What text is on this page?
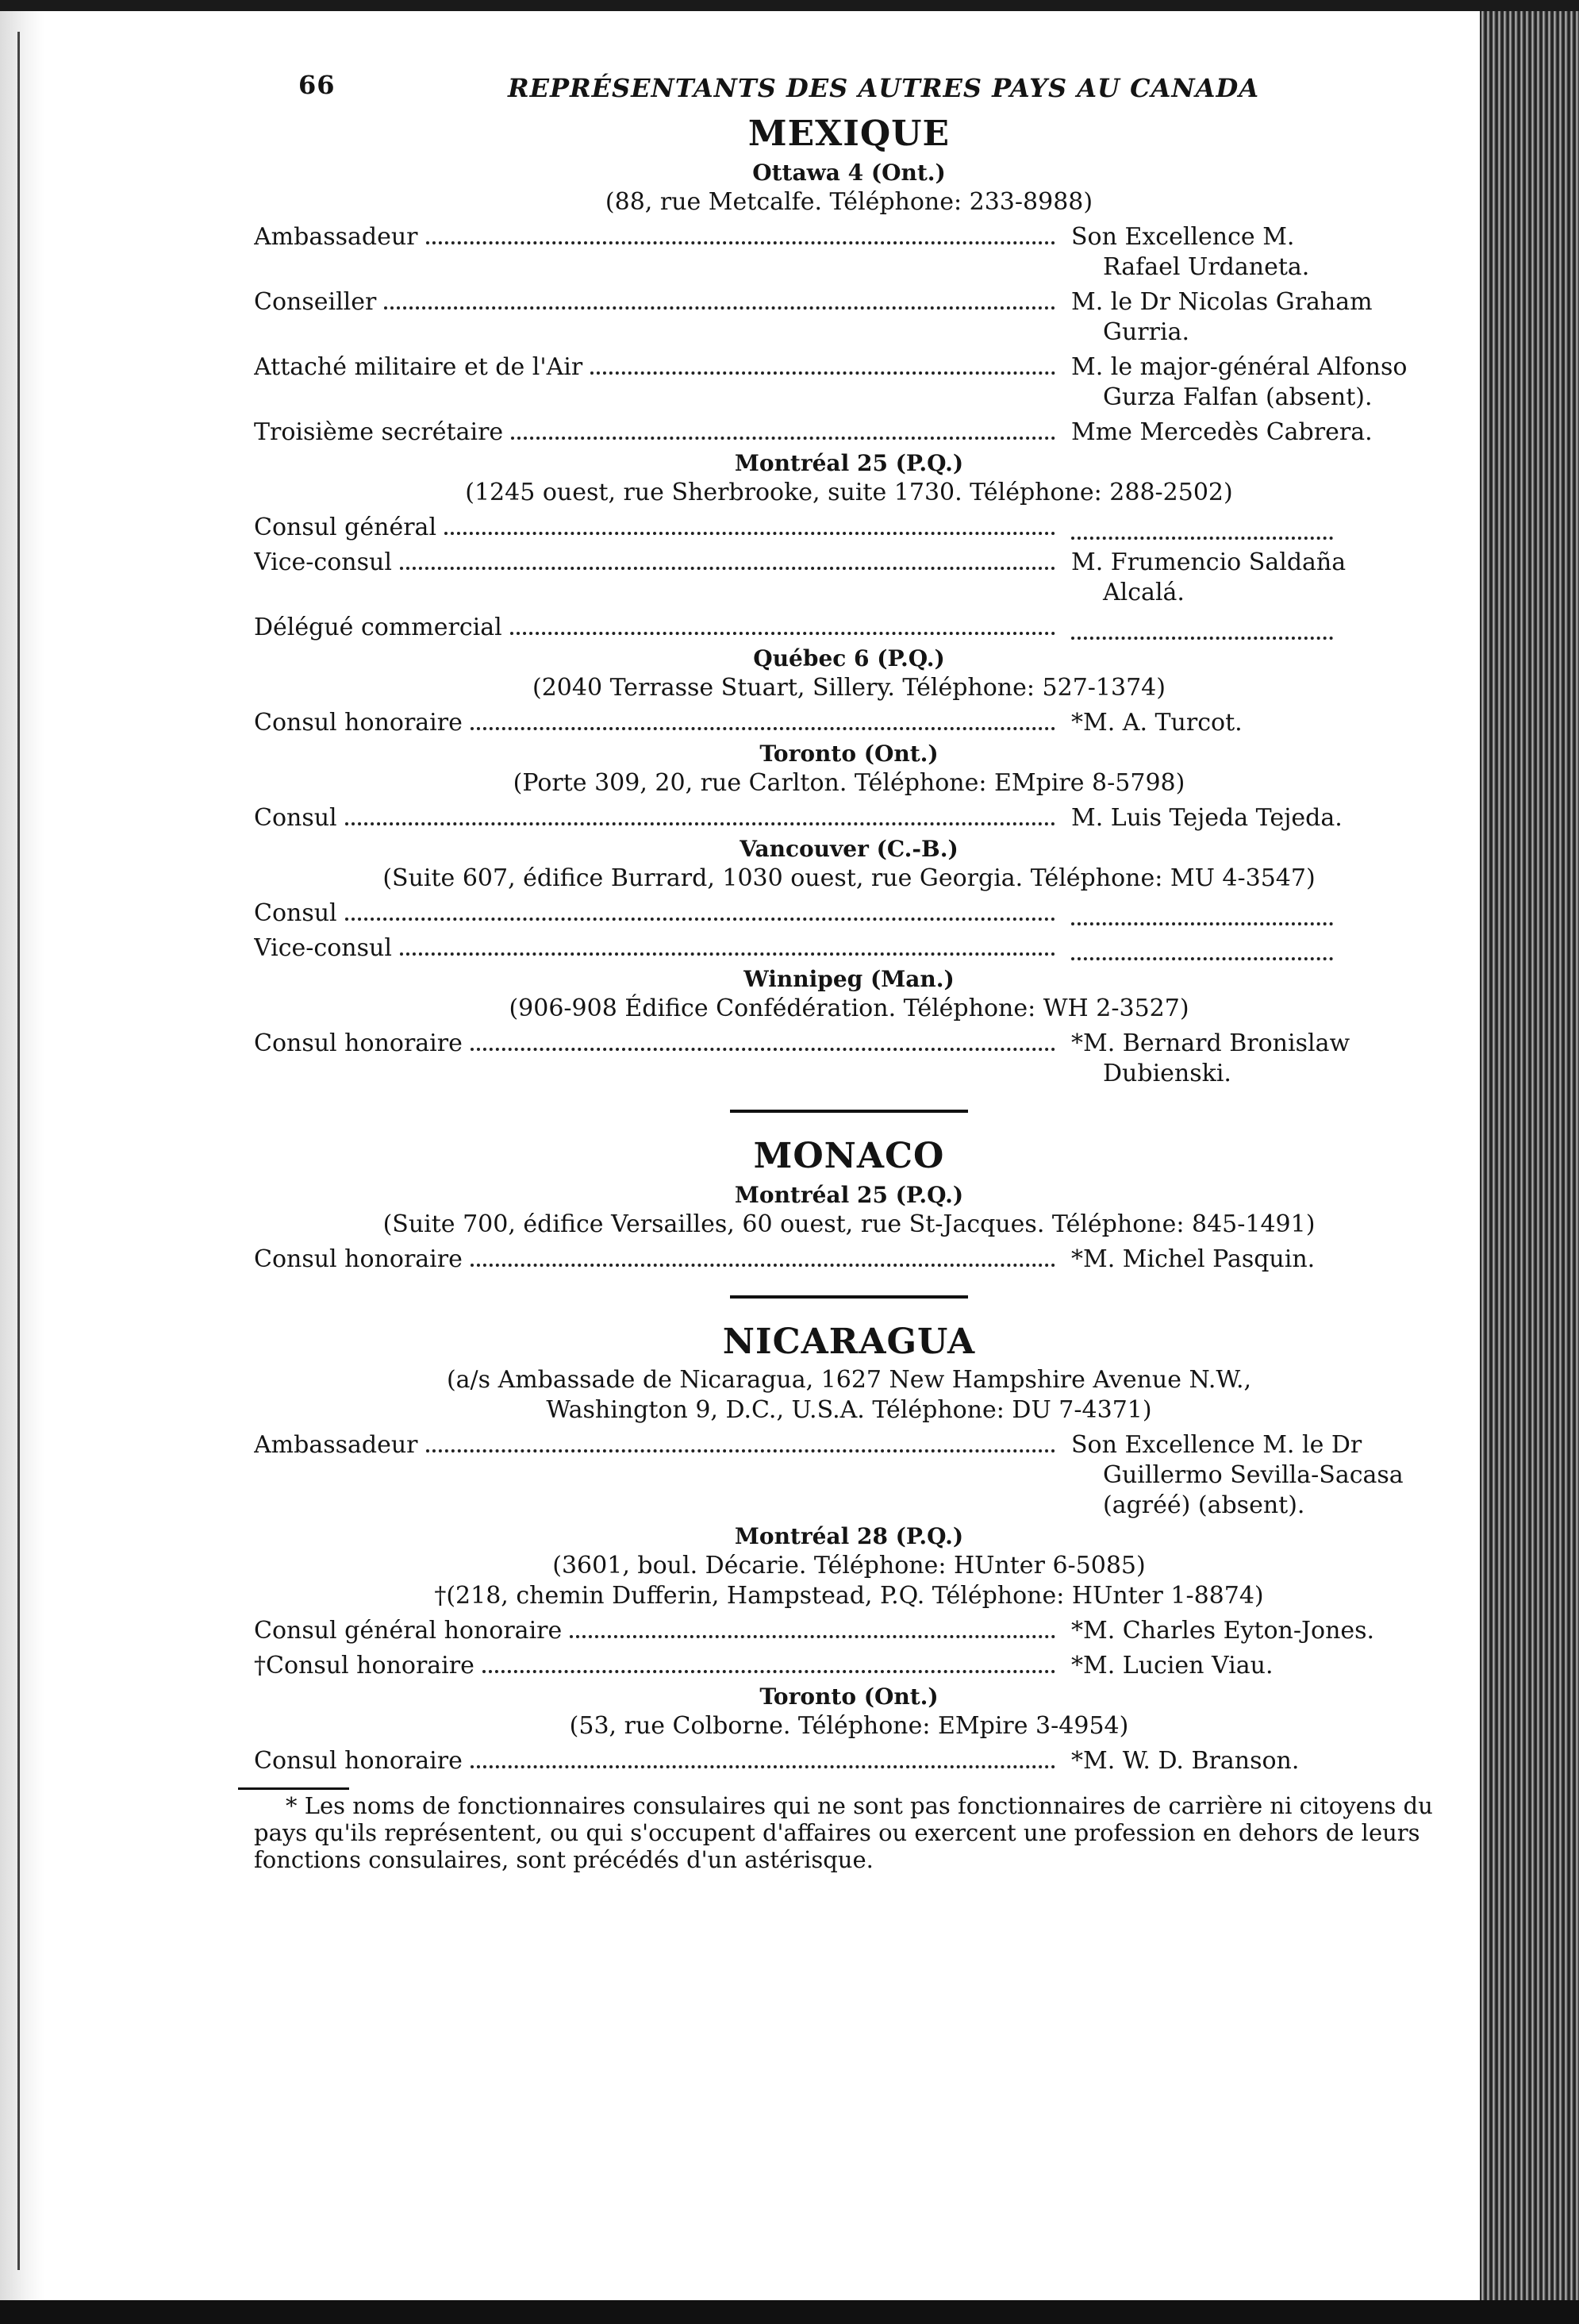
66	REPRÉSENTANTS DES AUTRES PAYS AU CANADA
MEXIQUE
Ottawa 4 (Ont.)
(88, rue Metcalfe. Téléphone: 233-8988)
Ambassadeur	Son Excellence M.
Rafael Urdaneta.
Conseiller	M. le Dr Nicolas Graham
Gurria.
Attaché militaire et de l'Air	M. le major-général Alfonso
Gurza Falfan (absent).
Troisième secrétaire	Mme Mercedès Cabrera.
Montréal 25 (P.Q.)
(1245 ouest, rue Sherbrooke, suite 1730. Téléphone: 288-2502)
Consul général
Vice-consul	M. Frumencio Saldaña
Alcalá.
Délégué commercial
Québec 6 (P.Q.)
(2040 Terrasse Stuart, Sillery. Téléphone: 527-1374)
Consul honoraire	*M. A. Turcot.
Toronto (Ont.)
(Porte 309, 20, rue Carlton. Téléphone: EMpire 8-5798)
Consul	M. Luis Tejeda Tejeda.
Vancouver (C.-B.)
(Suite 607, édifice Burrard, 1030 ouest, rue Georgia. Téléphone: MU 4-3547)
Consul
Vice-consul
Winnipeg (Man.)
(906-908 Édifice Confédération. Téléphone: WH 2-3527)
Consul honoraire	*M. Bernard Bronislaw
Dubienski.
MONACO
Montréal 25 (P.Q.)
(Suite 700, édifice Versailles, 60 ouest, rue St-Jacques. Téléphone: 845-1491)
Consul honoraire	*M. Michel Pasquin.
NICARAGUA
(a/s Ambassade de Nicaragua, 1627 New Hampshire Avenue N.W.,
Washington 9, D.C., U.S.A. Téléphone: DU 7-4371)
Ambassadeur	Son Excellence M. le Dr
Guillermo Sevilla-Sacasa
(agréé) (absent).
Montréal 28 (P.Q.)
(3601, boul. Décarie. Téléphone: HUnter 6-5085)
†(218, chemin Dufferin, Hampstead, P.Q. Téléphone: HUnter 1-8874)
Consul général honoraire	*M. Charles Eyton-Jones.
†Consul honoraire	*M. Lucien Viau.
Toronto (Ont.)
(53, rue Colborne. Téléphone: EMpire 3-4954)
Consul honoraire	*M. W. D. Branson.
* Les noms de fonctionnaires consulaires qui ne sont pas fonctionnaires de carrière ni citoyens du pays qu'ils représentent, ou qui s'occupent d'affaires ou exercent une profession en dehors de leurs fonctions consulaires, sont précédés d'un astérisque.
